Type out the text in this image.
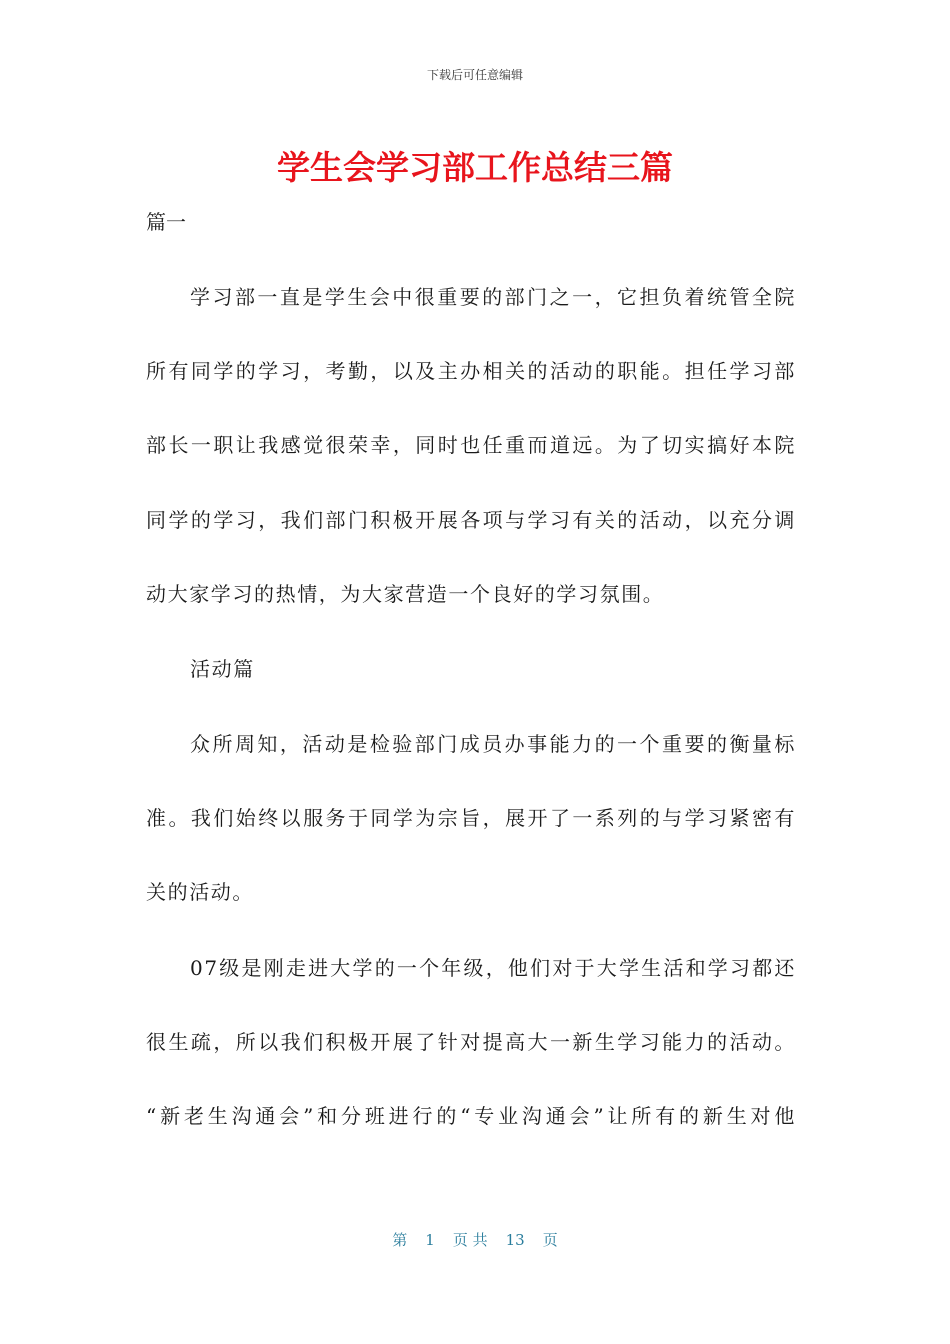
下载后可任意编辑
学生会学习部工作总结三篇
篇一
学习部一直是学生会中很重要的部门之一，它担负着统管全院
所有同学的学习，考勤，以及主办相关的活动的职能。担任学习部
部长一职让我感觉很荣幸，同时也任重而道远。为了切实搞好本院
同学的学习，我们部门积极开展各项与学习有关的活动，以充分调
动大家学习的热情，为大家营造一个良好的学习氛围。
活动篇
众所周知，活动是检验部门成员办事能力的一个重要的衡量标
准。我们始终以服务于同学为宗旨，展开了一系列的与学习紧密有
关的活动。
07级是刚走进大学的一个年级，他们对于大学生活和学习都还
很生疏，所以我们积极开展了针对提高大一新生学习能力的活动。
“新老生沟通会”和分班进行的“专业沟通会”让所有的新生对他
第 1 页 共 13 页
